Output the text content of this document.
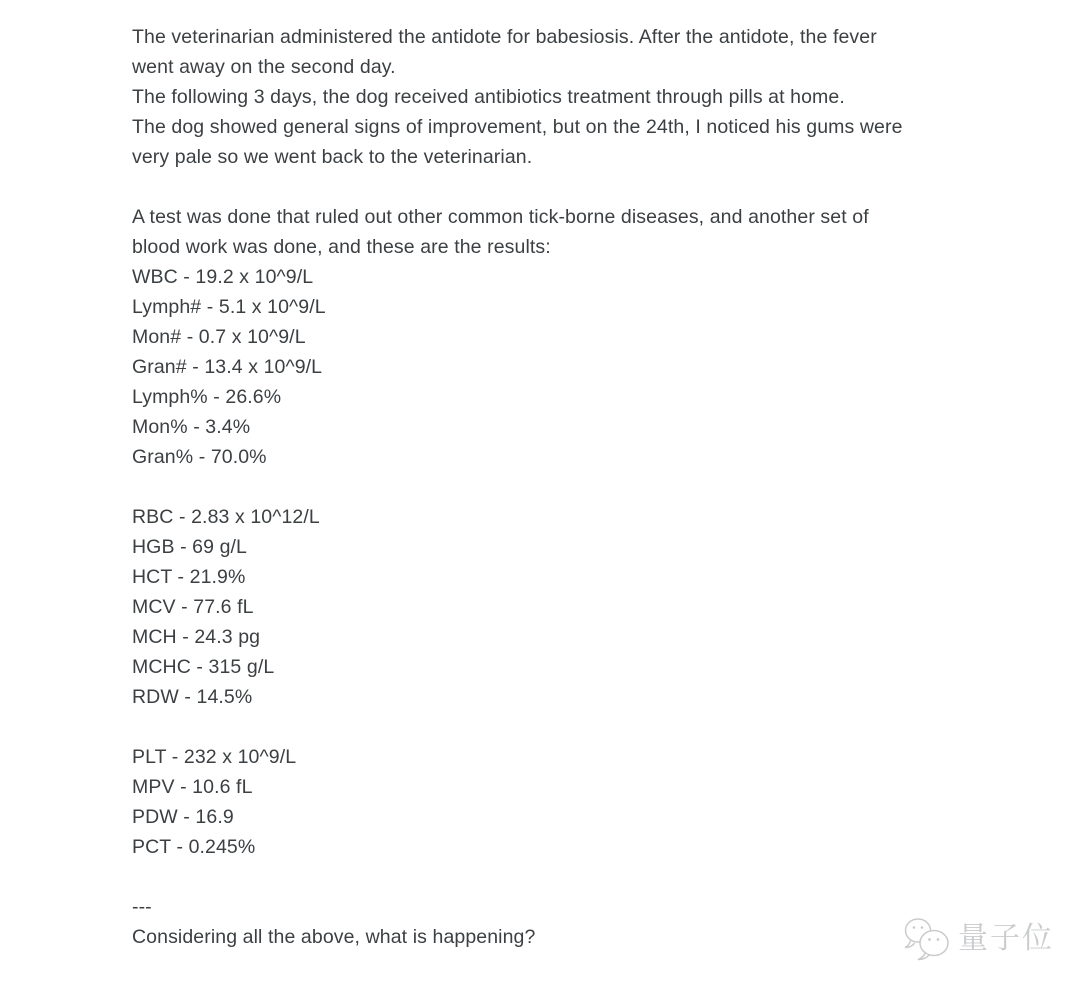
The veterinarian administered the antidote for babesiosis. After the antidote, the fever
went away on the second day.
The following 3 days, the dog received antibiotics treatment through pills at home.
The dog showed general signs of improvement, but on the 24th, I noticed his gums were
very pale so we went back to the veterinarian.
A test was done that ruled out other common tick-borne diseases, and another set of
blood work was done, and these are the results:
WBC - 19.2 x 10^9/L
Lymph# - 5.1 x 10^9/L
Mon# - 0.7 x 10^9/L
Gran# - 13.4 x 10^9/L
Lymph% - 26.6%
Mon% - 3.4%
Gran% - 70.0%
RBC - 2.83 x 10^12/L
HGB - 69 g/L
HCT - 21.9%
MCV - 77.6 fL
MCH - 24.3 pg
MCHC - 315 g/L
RDW - 14.5%
PLT - 232 x 10^9/L
MPV - 10.6 fL
PDW - 16.9
PCT - 0.245%
---
Considering all the above, what is happening?	量子位
